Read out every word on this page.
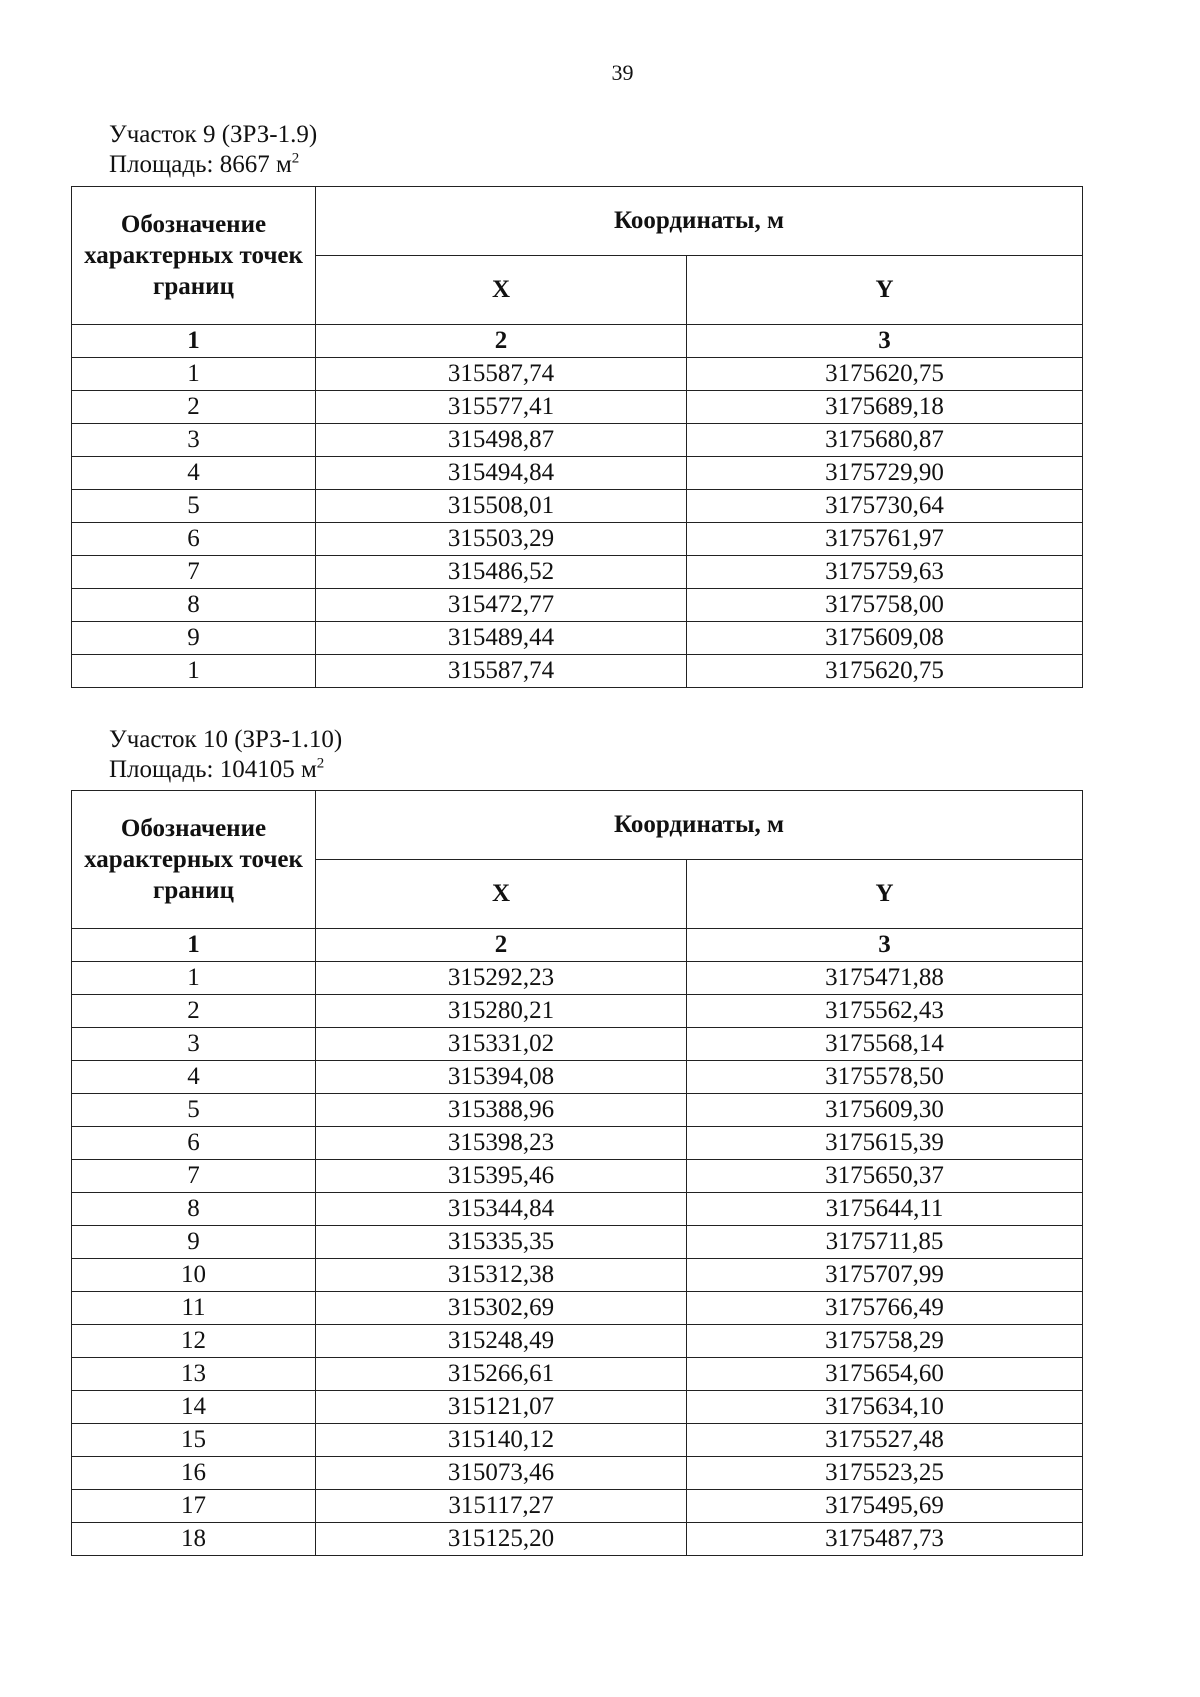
39
Участок 9 (ЗРЗ-1.9)
Площадь: 8667 $м^2$
Обозначение характерных точек границ	Координаты, м	
	X	Y
1	2	3
1	315587,74	3175620,75
2	315577,41	3175689,18
3	315498,87	3175680,87
4	315494,84	3175729,90
5	315508,01	3175730,64
6	315503,29	3175761,97
7	315486,52	3175759,63
8	315472,77	3175758,00
9	315489,44	3175609,08
1	315587,74	3175620,75
Участок 10 (ЗРЗ-1.10)
Площадь: 104105 $м^2$
Обозначение характерных точек границ	Координаты, м	
	X	Y
1	2	3
1	315292,23	3175471,88
2	315280,21	3175562,43
3	315331,02	3175568,14
4	315394,08	3175578,50
5	315388,96	3175609,30
6	315398,23	3175615,39
7	315395,46	3175650,37
8	315344,84	3175644,11
9	315335,35	3175711,85
10	315312,38	3175707,99
11	315302,69	3175766,49
12	315248,49	3175758,29
13	315266,61	3175654,60
14	315121,07	3175634,10
15	315140,12	3175527,48
16	315073,46	3175523,25
17	315117,27	3175495,69
18	315125,20	3175487,73
